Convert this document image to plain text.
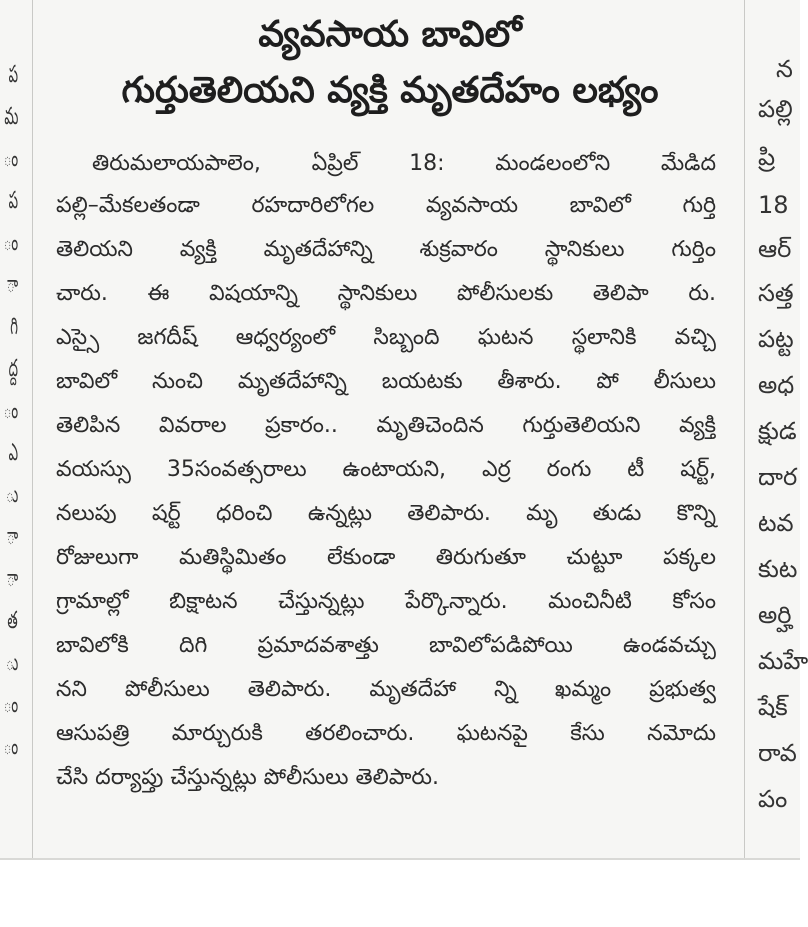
ప
మ
ం
ప
ం
ా
గి
ద్ద
ం
ఎ
ు
ా
ా
త
ు
ం
ం
వ్యవసాయ బావిలో
గుర్తుతెలియని వ్యక్తి మృతదేహం లభ్యం
తిరుమలాయపాలెం, ఏప్రిల్ 18: మండలంలోని మేడిద
పల్లి–మేకలతండా రహదారిలోగల వ్యవసాయ బావిలో గుర్తి
తెలియని వ్యక్తి మృతదేహాన్ని శుక్రవారం స్థానికులు గుర్తిం
చారు. ఈ విషయాన్ని స్థానికులు పోలీసులకు తెలిపా రు.
ఎస్సై జగదీష్ ఆధ్వర్యంలో సిబ్బంది ఘటన స్థలానికి వచ్చి
బావిలో నుంచి మృతదేహాన్ని బయటకు తీశారు. పో లీసులు
తెలిపిన వివరాల ప్రకారం.. మృతిచెందిన గుర్తుతెలియని వ్యక్తి
వయస్సు 35సంవత్సరాలు ఉంటాయని, ఎర్ర రంగు టీ షర్ట్,
నలుపు షర్ట్ ధరించి ఉన్నట్లు తెలిపారు. మృ తుడు కొన్ని
రోజులుగా మతిస్థిమితం లేకుండా తిరుగుతూ చుట్టూ పక్కల
గ్రామాల్లో బిక్షాటన చేస్తున్నట్లు పేర్కొన్నారు. మంచినీటి కోసం
బావిలోకి దిగి ప్రమాదవశాత్తు బావిలోపడిపోయి ఉండవచ్చు
నని పోలీసులు తెలిపారు. మృతదేహా న్ని ఖమ్మం ప్రభుత్వ
ఆసుపత్రి మార్చురుకి తరలించారు. ఘటనపై కేసు నమోదు
చేసి దర్యాప్తు చేస్తున్నట్లు పోలీసులు తెలిపారు.
న
పల్లి
ప్రి
18
ఆర్
సత్త
పట్ట
అధ
క్షుడ
దార
టవ
కుట
అర్హి
మహే
షేక్
రావ
పం
